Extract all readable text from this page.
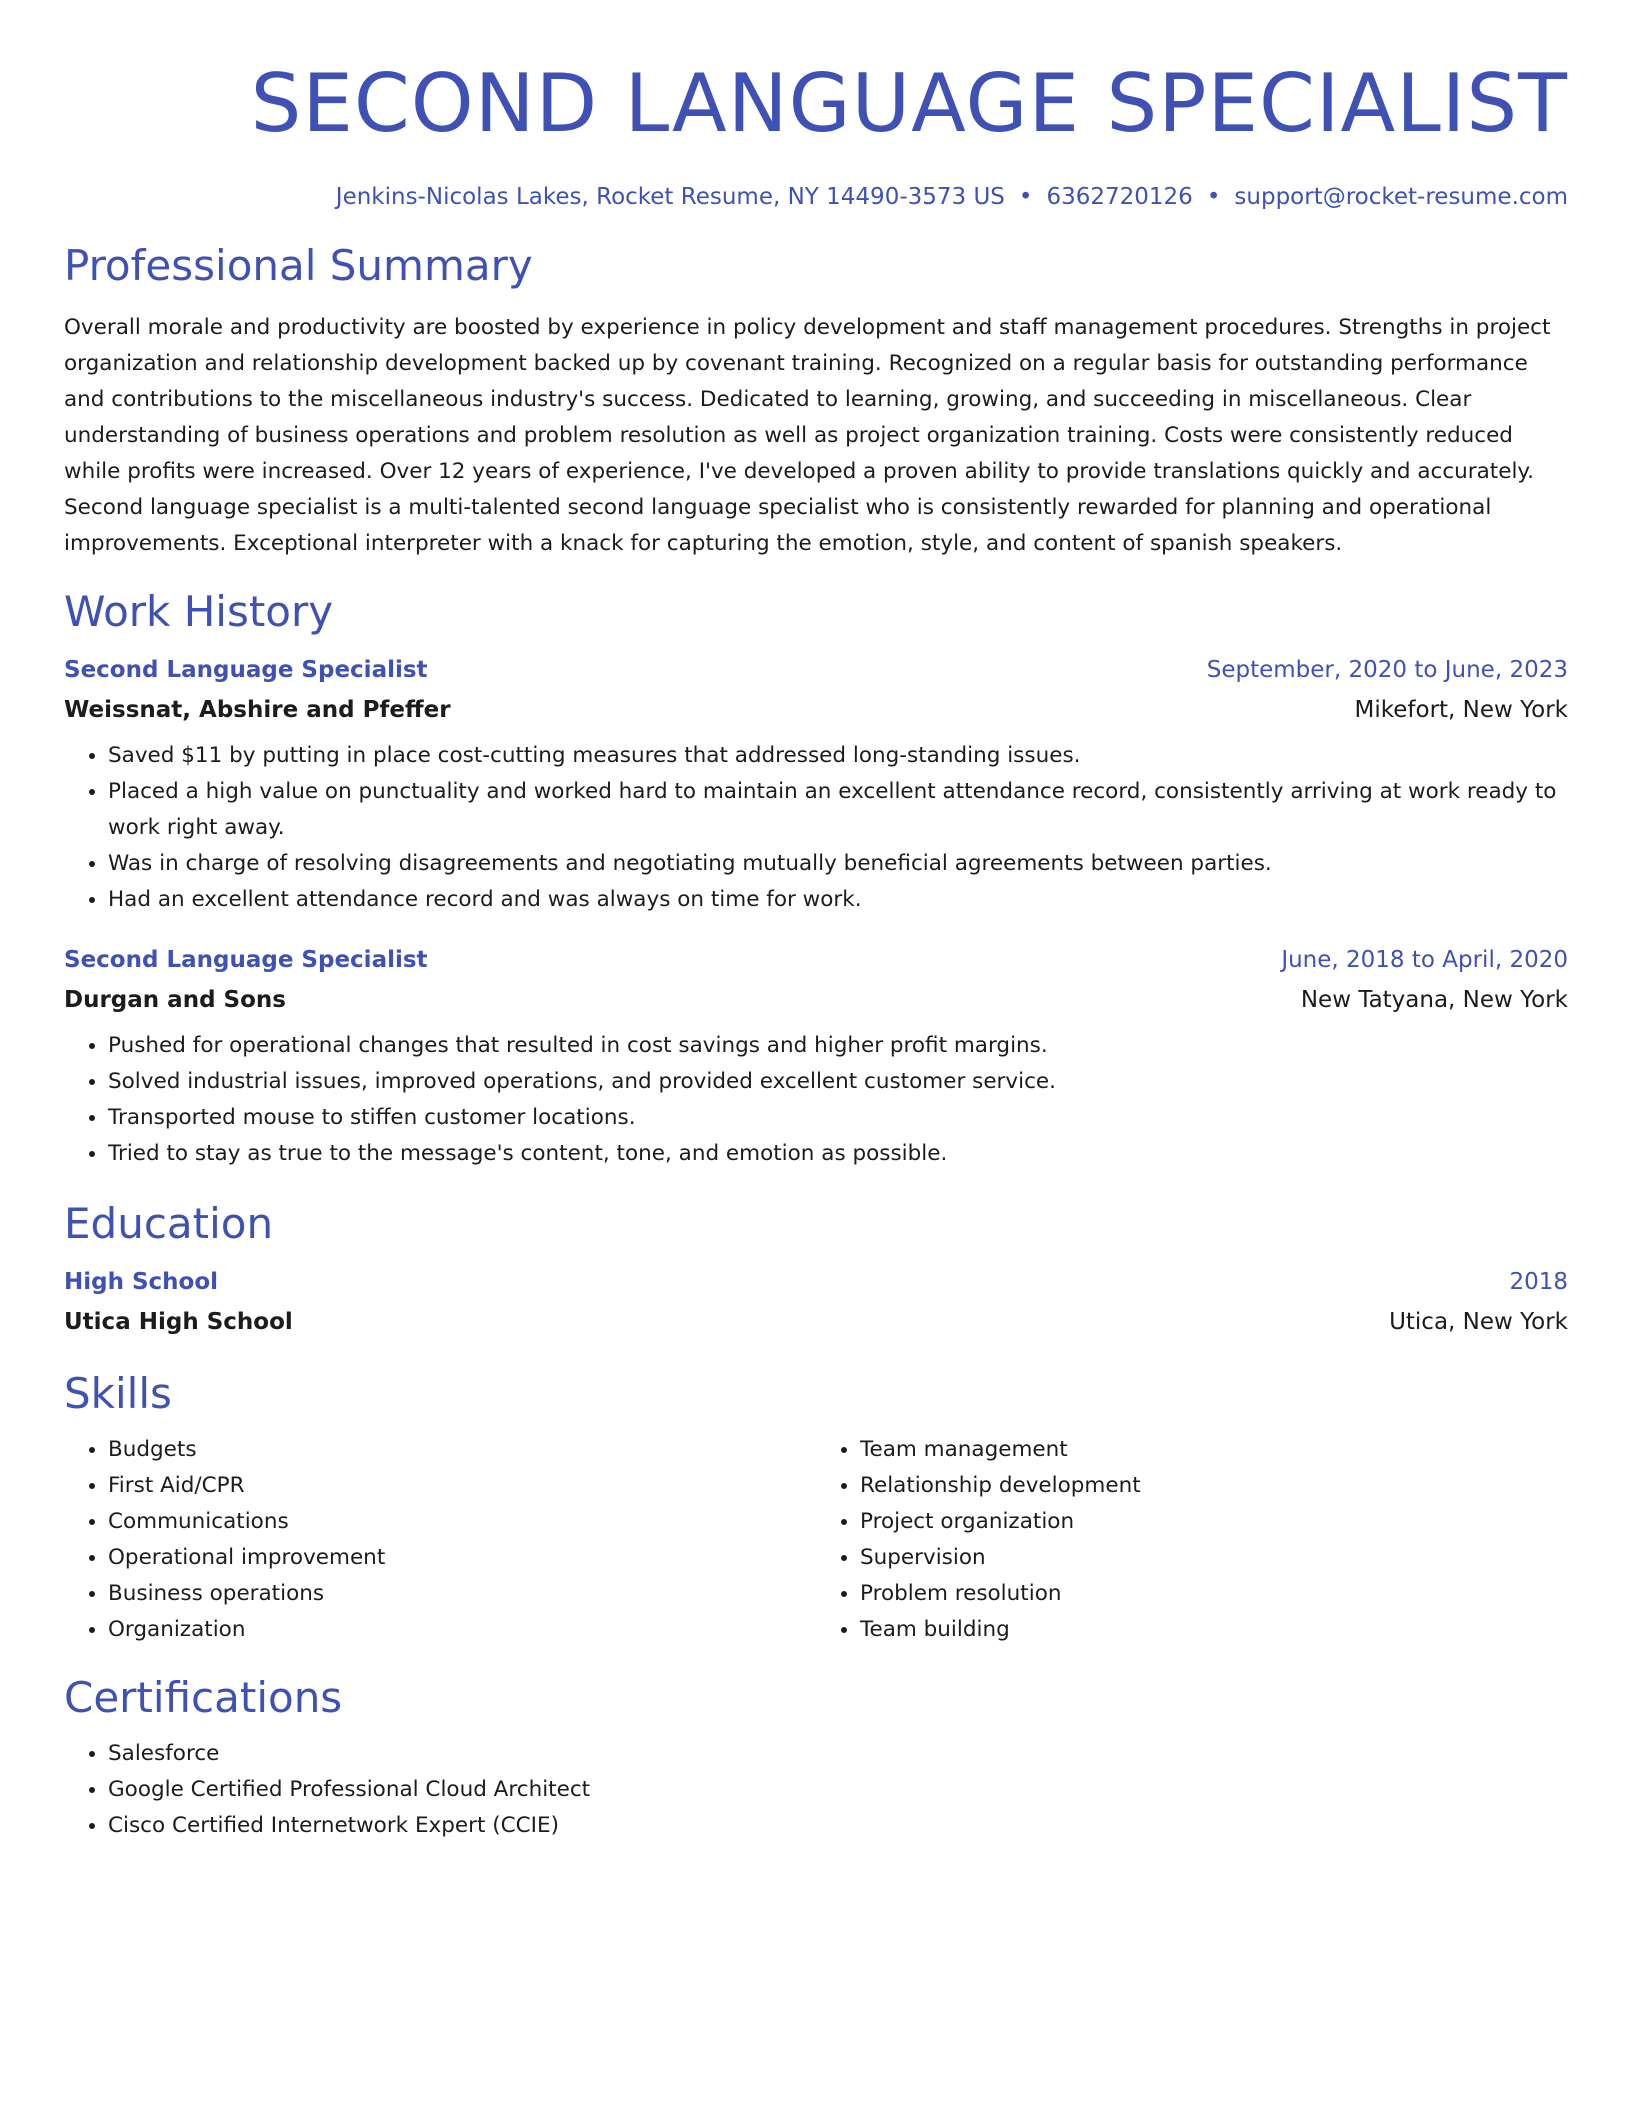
SECOND LANGUAGE SPECIALIST
Jenkins-Nicolas Lakes, Rocket Resume, NY 14490-3573 US • 6362720126 • support@rocket-resume.com
Professional Summary

Overall morale and productivity are boosted by experience in policy development and staff management procedures. Strengths in project organization and relationship development backed up by covenant training. Recognized on a regular basis for outstanding performance and contributions to the miscellaneous industry's success. Dedicated to learning, growing, and succeeding in miscellaneous. Clear understanding of business operations and problem resolution as well as project organization training. Costs were consistently reduced while profits were increased. Over 12 years of experience, I've developed a proven ability to provide translations quickly and accurately. Second language specialist is a multi-talented second language specialist who is consistently rewarded for planning and operational improvements. Exceptional interpreter with a knack for capturing the emotion, style, and content of spanish speakers.

Work History
Second Language Specialist	September, 2020 to June, 2023
Weissnat, Abshire and Pfeffer	Mikefort, New York
• Saved $11 by putting in place cost-cutting measures that addressed long-standing issues.
• Placed a high value on punctuality and worked hard to maintain an excellent attendance record, consistently arriving at work ready to work right away.
• Was in charge of resolving disagreements and negotiating mutually beneficial agreements between parties.
• Had an excellent attendance record and was always on time for work.
Second Language Specialist	June, 2018 to April, 2020
Durgan and Sons	New Tatyana, New York
• Pushed for operational changes that resulted in cost savings and higher profit margins.
• Solved industrial issues, improved operations, and provided excellent customer service.
• Transported mouse to stiffen customer locations.
• Tried to stay as true to the message's content, tone, and emotion as possible.
Education
High School	2018
Utica High School	Utica, New York
Skills
• Budgets
• First Aid/CPR
• Communications
• Operational improvement
• Business operations
• Organization
• Team management
• Relationship development
• Project organization
• Supervision
• Problem resolution
• Team building
Certifications
• Salesforce
• Google Certified Professional Cloud Architect
• Cisco Certified Internetwork Expert (CCIE)
